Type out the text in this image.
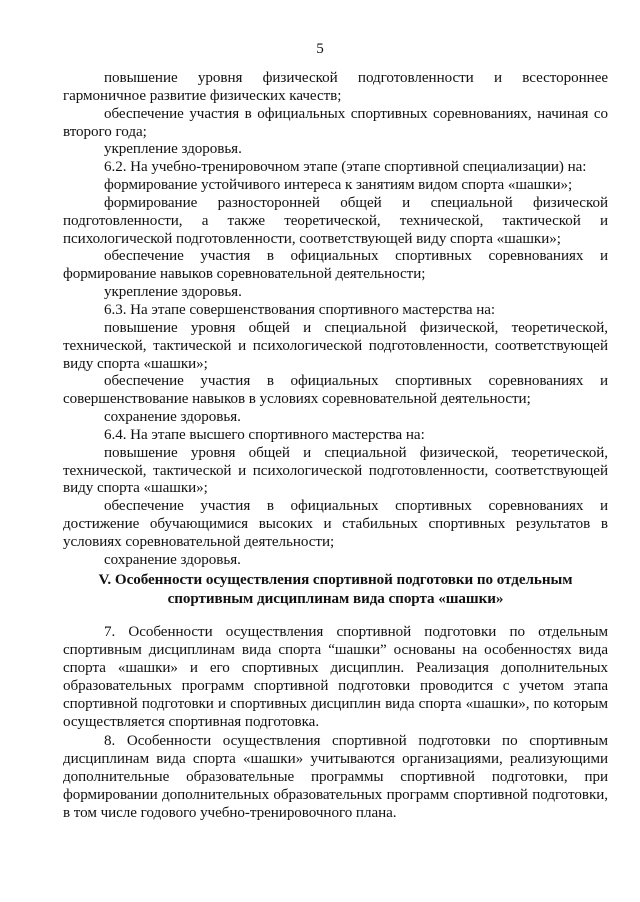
5

повышение уровня физической подготовленности и всестороннее гармоничное развитие физических качеств;

обеспечение участия в официальных спортивных соревнованиях, начиная со второго года;

укрепление здоровья.

6.2. На учебно-тренировочном этапе (этапе спортивной специализации) на:

формирование устойчивого интереса к занятиям видом спорта «шашки»;

формирование разносторонней общей и специальной физической подготовленности, а также теоретической, технической, тактической и психологической подготовленности, соответствующей виду спорта «шашки»;

обеспечение участия в официальных спортивных соревнованиях и формирование навыков соревновательной деятельности;

укрепление здоровья.

6.3. На этапе совершенствования спортивного мастерства на:

повышение уровня общей и специальной физической, теоретической, технической, тактической и психологической подготовленности, соответствующей виду спорта «шашки»;

обеспечение участия в официальных спортивных соревнованиях и совершенствование навыков в условиях соревновательной деятельности;

сохранение здоровья.

6.4. На этапе высшего спортивного мастерства на:

повышение уровня общей и специальной физической, теоретической, технической, тактической и психологической подготовленности, соответствующей виду спорта «шашки»;

обеспечение участия в официальных спортивных соревнованиях и достижение обучающимися высоких и стабильных спортивных результатов в условиях соревновательной деятельности;

сохранение здоровья.

V. Особенности осуществления спортивной подготовки по отдельным
спортивным дисциплинам вида спорта «шашки»

7. Особенности осуществления спортивной подготовки по отдельным спортивным дисциплинам вида спорта “шашки” основаны на особенностях вида спорта «шашки» и его спортивных дисциплин. Реализация дополнительных образовательных программ спортивной подготовки проводится с учетом этапа спортивной подготовки и спортивных дисциплин вида спорта «шашки», по которым осуществляется спортивная подготовка.

8. Особенности осуществления спортивной подготовки по спортивным дисциплинам вида спорта «шашки» учитываются организациями, реализующими дополнительные образовательные программы спортивной подготовки, при формировании дополнительных образовательных программ спортивной подготовки, в том числе годового учебно-тренировочного плана.
